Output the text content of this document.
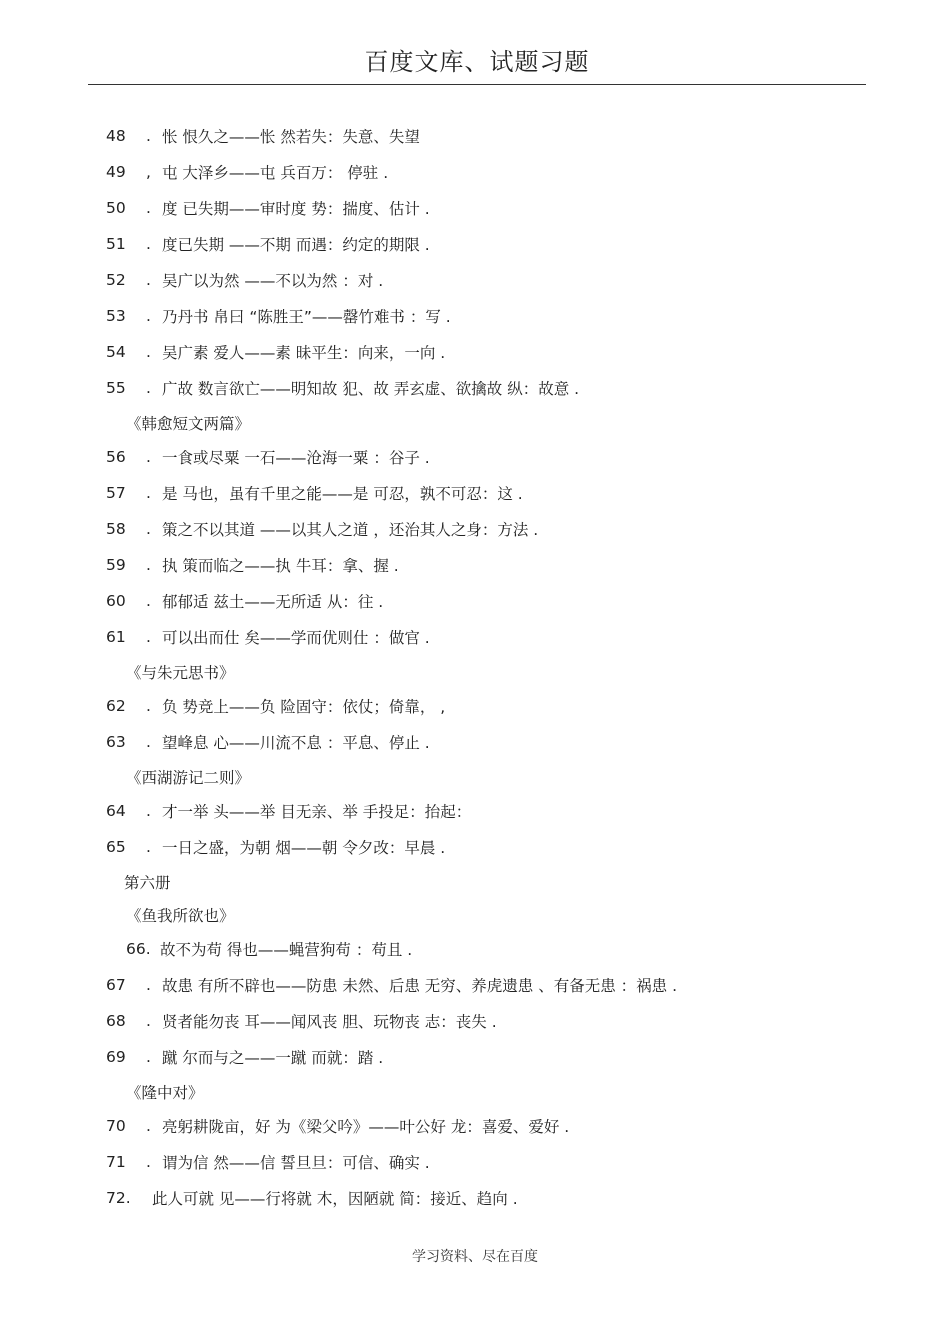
百度文库、试题习题
48	. 怅 恨久之——怅 然若失：失意、失望
49	, 屯 大泽乡——屯 兵百万： 停驻 .
50	. 度 已失期——审时度 势：揣度、估计 .
51	. 度已失期 ——不期 而遇：约定的期限 .
52	. 吴广以为然 ——不以为然 ：对 .
53	. 乃丹书 帛曰 “陈胜王”——罄竹难书 ：写 .
54	. 吴广素 爱人——素 昧平生：向来，一向 .
55	. 广故 数言欲亡——明知故 犯、故 弄玄虚、欲擒故 纵：故意 .
《韩愈短文两篇》
56	. 一食或尽粟 一石——沧海一粟 ：谷子 .
57	. 是 马也，虽有千里之能——是 可忍，孰不可忍：这 .
58	. 策之不以其道 ——以其人之道 ，还治其人之身：方法 .
59	. 执 策而临之——执 牛耳：拿、握 .
60	. 郁郁适 兹土——无所适 从：往 .
61	. 可以出而仕 矣——学而优则仕 ：做官 .
《与朱元思书》
62	. 负 势竞上——负 险固守：依仗；倚靠， ,
63	. 望峰息 心——川流不息 ：平息、停止 .
《西湖游记二则》
64	. 才一举 头——举 目无亲、举 手投足：抬起：
65	. 一日之盛，为朝 烟——朝 令夕改：早晨 .
第六册
《鱼我所欲也》
66. 故不为苟 得也——蝇营狗苟 ：苟且 .
67	. 故患 有所不辟也——防患 未然、后患 无穷、养虎遗患 、有备无患 ：祸患 .
68	. 贤者能勿丧 耳——闻风丧 胆、玩物丧 志：丧失 .
69	. 蹴 尔而与之——一蹴 而就：踏 .
《隆中对》
70	. 亮躬耕陇亩，好 为《梁父吟》——叶公好 龙：喜爱、爱好 .
71	. 谓为信 然——信 誓旦旦：可信、确实 .
72.	此人可就 见——行将就 木，因陋就 简：接近、趋向 .
学习资料、尽在百度
